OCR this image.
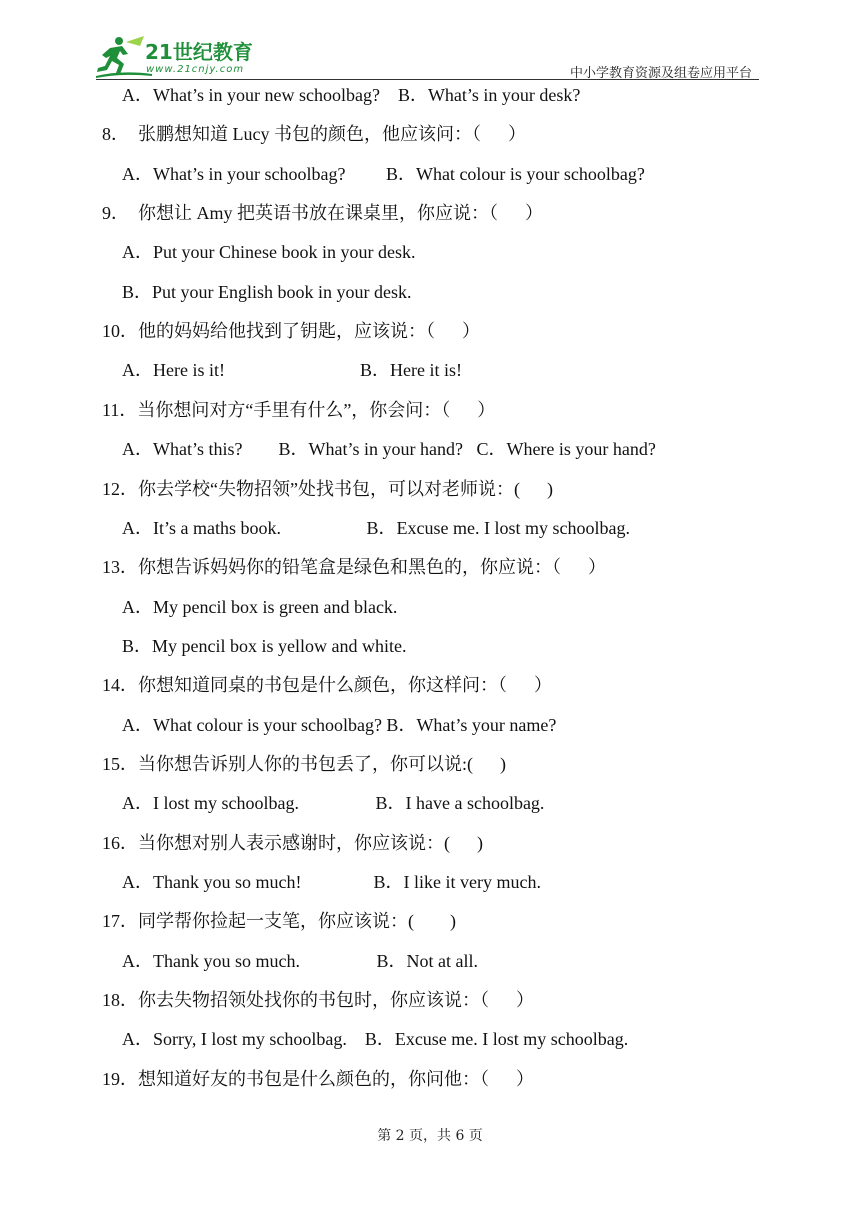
21世纪教育
www.21cnjy.com	中小学教育资源及组卷应用平台
A．What’s in your new schoolbag?    B．What’s in your desk?
8．  张鹏想知道 Lucy 书包的颜色，他应该问：（      ）
A．What’s in your schoolbag?         B．What colour is your schoolbag?
9．  你想让 Amy 把英语书放在课桌里，你应说：（      ）
A．Put your Chinese book in your desk.
B．Put your English book in your desk.
10．他的妈妈给他找到了钥匙，应该说：（      ）
A．Here is it!                              B．Here it is!
11．当你想问对方“手里有什么”，你会问：（      ）
A．What’s this?        B．What’s in your hand?   C．Where is your hand?
12．你去学校“失物招领”处找书包，可以对老师说：(      )
A．It’s a maths book.                   B．Excuse me. I lost my schoolbag.
13．你想告诉妈妈你的铅笔盒是绿色和黑色的，你应说：（      ）
A．My pencil box is green and black.
B．My pencil box is yellow and white.
14．你想知道同桌的书包是什么颜色，你这样问：（      ）
A．What colour is your schoolbag? B．What’s your name?
15．当你想告诉别人你的书包丢了，你可以说:(      )
A．I lost my schoolbag.                 B．I have a schoolbag.
16．当你想对别人表示感谢时，你应该说：(      )
A．Thank you so much!                B．I like it very much.
17．同学帮你捡起一支笔，你应该说：(        )
A．Thank you so much.                 B．Not at all.
18．你去失物招领处找你的书包时，你应该说：（      ）
A．Sorry, I lost my schoolbag.    B．Excuse me. I lost my schoolbag.
19．想知道好友的书包是什么颜色的，你问他：（      ）
第 2 页，共 6 页
